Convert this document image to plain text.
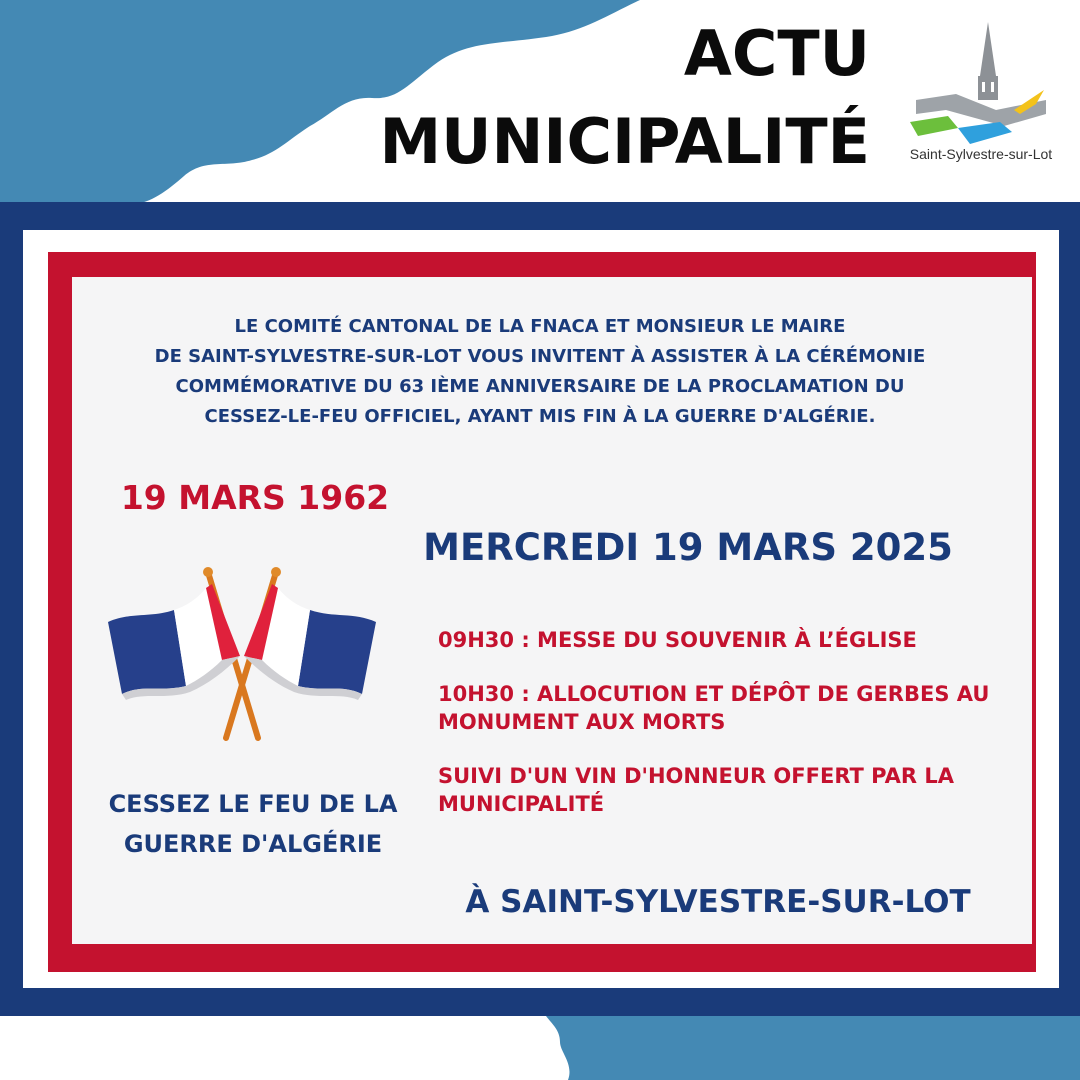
ACTU
MUNICIPALITÉ	Saint-Sylvestre-sur-Lot

LE COMITÉ CANTONAL DE LA FNACA ET MONSIEUR LE MAIRE
DE SAINT-SYLVESTRE-SUR-LOT VOUS INVITENT À ASSISTER À LA CÉRÉMONIE
COMMÉMORATIVE DU 63 IÈME ANNIVERSAIRE DE LA PROCLAMATION DU
CESSEZ-LE-FEU OFFICIEL, AYANT MIS FIN À LA GUERRE D'ALGÉRIE.

19 MARS 1962
MERCREDI 19 MARS 2025
CESSEZ LE FEU DE LA
GUERRE D'ALGÉRIE
09H30 : MESSE DU SOUVENIR À L’ÉGLISE
10H30 : ALLOCUTION ET DÉPÔT DE GERBES AU MONUMENT AUX MORTS
SUIVI D'UN VIN D'HONNEUR OFFERT PAR LA MUNICIPALITÉ
À SAINT-SYLVESTRE-SUR-LOT
